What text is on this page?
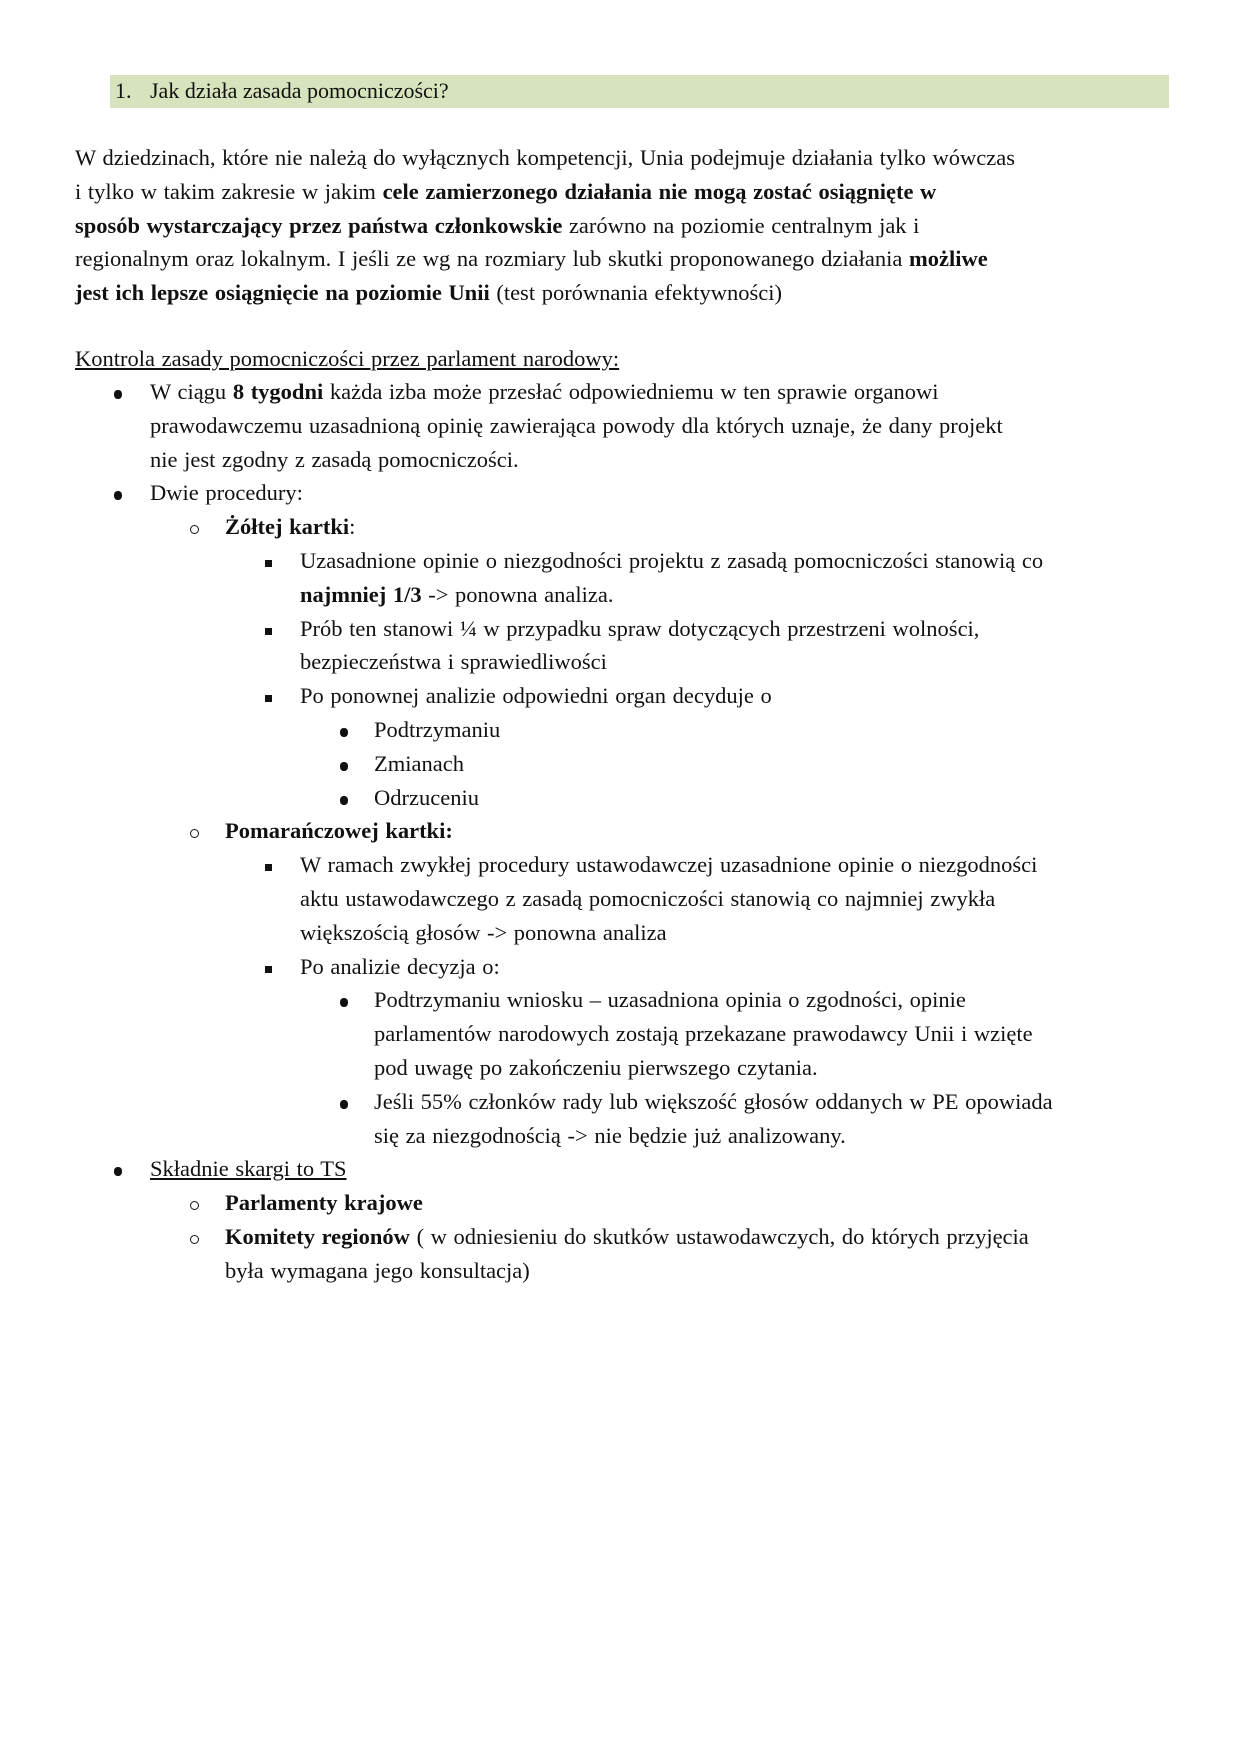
1. Jak działa zasada pomocniczości?
W dziedzinach, które nie należą do wyłącznych kompetencji, Unia podejmuje działania tylko wówczas
i tylko w takim zakresie w jakim cele zamierzonego działania nie mogą zostać osiągnięte w
sposób wystarczający przez państwa członkowskie zarówno na poziomie centralnym jak i
regionalnym oraz lokalnym. I jeśli ze wg na rozmiary lub skutki proponowanego działania możliwe
jest ich lepsze osiągnięcie na poziomie Unii (test porównania efektywności)
Kontrola zasady pomocniczości przez parlament narodowy:
W ciągu 8 tygodni każda izba może przesłać odpowiedniemu w ten sprawie organowi
prawodawczemu uzasadnioną opinię zawierająca powody dla których uznaje, że dany projekt
nie jest zgodny z zasadą pomocniczości.
Dwie procedury:
Żółtej kartki:
Uzasadnione opinie o niezgodności projektu z zasadą pomocniczości stanowią co
najmniej 1/3 -> ponowna analiza.
Prób ten stanowi ¼ w przypadku spraw dotyczących przestrzeni wolności,
bezpieczeństwa i sprawiedliwości
Po ponownej analizie odpowiedni organ decyduje o
Podtrzymaniu
Zmianach
Odrzuceniu
Pomarańczowej kartki:
W ramach zwykłej procedury ustawodawczej uzasadnione opinie o niezgodności
aktu ustawodawczego z zasadą pomocniczości stanowią co najmniej zwykła
większością głosów -> ponowna analiza
Po analizie decyzja o:
Podtrzymaniu wniosku – uzasadniona opinia o zgodności, opinie
parlamentów narodowych zostają przekazane prawodawcy Unii i wzięte
pod uwagę po zakończeniu pierwszego czytania.
Jeśli 55% członków rady lub większość głosów oddanych w PE opowiada
się za niezgodnością -> nie będzie już analizowany.
Składnie skargi to TS
Parlamenty krajowe
Komitety regionów ( w odniesieniu do skutków ustawodawczych, do których przyjęcia
była wymagana jego konsultacja)
